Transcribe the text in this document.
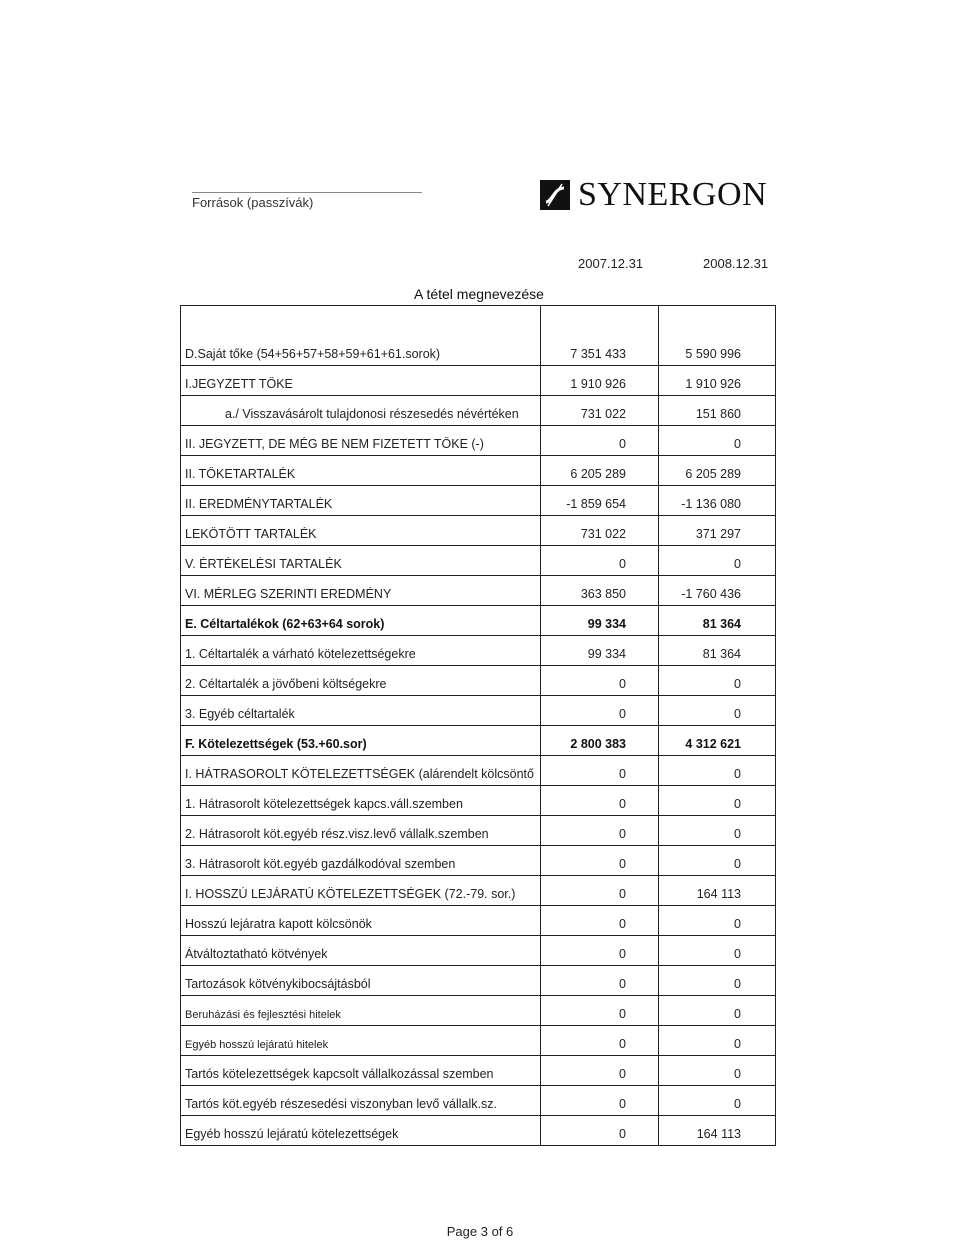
Források (passzívák)	SYNERGON
2007.12.31	2008.12.31
A tétel megnevezése
D.Saját tőke (54+56+57+58+59+61+61.sorok)	7 351 433	5 590 996
I.JEGYZETT TŐKE	1 910 926	1 910 926
a./ Visszavásárolt tulajdonosi részesedés névértéken	731 022	151 860
II. JEGYZETT, DE MÉG BE NEM FIZETETT TŐKE (-)	0	0
II. TŐKETARTALÉK	6 205 289	6 205 289
II. EREDMÉNYTARTALÉK	-1 859 654	-1 136 080
LEKÖTÖTT TARTALÉK	731 022	371 297
V. ÉRTÉKELÉSI TARTALÉK	0	0
VI. MÉRLEG SZERINTI EREDMÉNY	363 850	-1 760 436
E. Céltartalékok (62+63+64 sorok)	99 334	81 364
1. Céltartalék a várható kötelezettségekre	99 334	81 364
2. Céltartalék a jövőbeni költségekre	0	0
3. Egyéb céltartalék	0	0
F. Kötelezettségek (53.+60.sor)	2 800 383	4 312 621
I. HÁTRASOROLT KÖTELEZETTSÉGEK (alárendelt kölcsöntő	0	0
1. Hátrasorolt kötelezettségek kapcs.váll.szemben	0	0
2. Hátrasorolt köt.egyéb rész.visz.levő vállalk.szemben	0	0
3. Hátrasorolt köt.egyéb gazdálkodóval szemben	0	0
I. HOSSZÚ LEJÁRATÚ KÖTELEZETTSÉGEK (72.-79. sor.)	0	164 113
Hosszú lejáratra kapott kölcsönök	0	0
Átváltoztatható kötvények	0	0
Tartozások kötvénykibocsájtásból	0	0
Beruházási és fejlesztési hitelek	0	0
Egyéb hosszú lejáratú hitelek	0	0
Tartós kötelezettségek kapcsolt vállalkozással szemben	0	0
Tartós köt.egyéb részesedési viszonyban levő vállalk.sz.	0	0
Egyéb hosszú lejáratú kötelezettségek	0	164 113
Page 3 of 6
